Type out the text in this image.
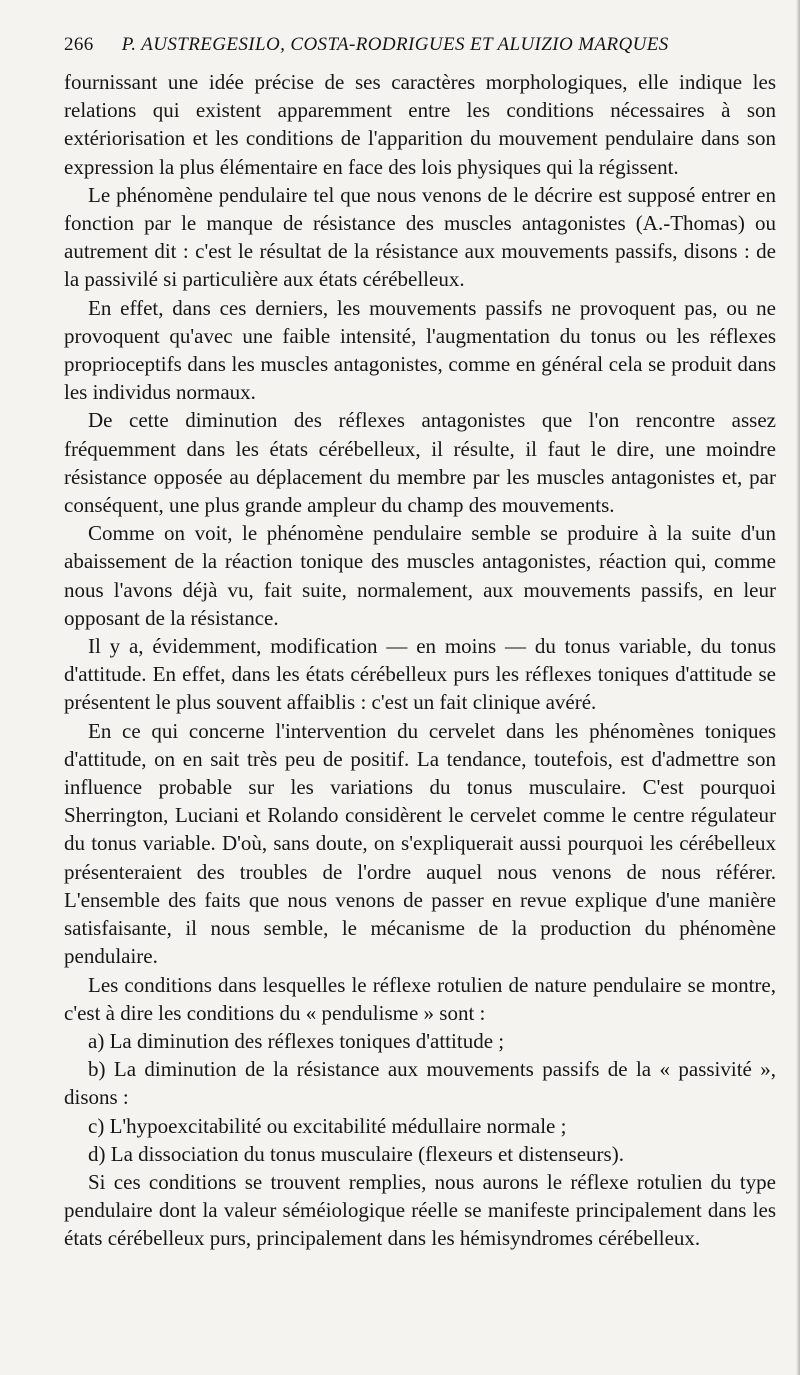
266 P. AUSTREGESILO, COSTA-RODRIGUES ET ALUIZIO MARQUES

fournissant une idée précise de ses caractères morphologiques, elle indique les relations qui existent apparemment entre les conditions nécessaires à son extériorisation et les conditions de l'apparition du mouvement pendulaire dans son expression la plus élémentaire en face des lois physiques qui la régissent.

Le phénomène pendulaire tel que nous venons de le décrire est supposé entrer en fonction par le manque de résistance des muscles antagonistes (A.-Thomas) ou autrement dit : c'est le résultat de la résistance aux mouvements passifs, disons : de la passivilé si particulière aux états cérébelleux.

En effet, dans ces derniers, les mouvements passifs ne provoquent pas, ou ne provoquent qu'avec une faible intensité, l'augmentation du tonus ou les réflexes proprioceptifs dans les muscles antagonistes, comme en général cela se produit dans les individus normaux.

De cette diminution des réflexes antagonistes que l'on rencontre assez fréquemment dans les états cérébelleux, il résulte, il faut le dire, une moindre résistance opposée au déplacement du membre par les muscles antagonistes et, par conséquent, une plus grande ampleur du champ des mouvements.

Comme on voit, le phénomène pendulaire semble se produire à la suite d'un abaissement de la réaction tonique des muscles antagonistes, réaction qui, comme nous l'avons déjà vu, fait suite, normalement, aux mouvements passifs, en leur opposant de la résistance.

Il y a, évidemment, modification — en moins — du tonus variable, du tonus d'attitude. En effet, dans les états cérébelleux purs les réflexes toniques d'attitude se présentent le plus souvent affaiblis : c'est un fait clinique avéré.

En ce qui concerne l'intervention du cervelet dans les phénomènes toniques d'attitude, on en sait très peu de positif. La tendance, toutefois, est d'admettre son influence probable sur les variations du tonus musculaire. C'est pourquoi Sherrington, Luciani et Rolando considèrent le cervelet comme le centre régulateur du tonus variable. D'où, sans doute, on s'expliquerait aussi pourquoi les cérébelleux présenteraient des troubles de l'ordre auquel nous venons de nous référer. L'ensemble des faits que nous venons de passer en revue explique d'une manière satisfaisante, il nous semble, le mécanisme de la production du phénomène pendulaire.

Les conditions dans lesquelles le réflexe rotulien de nature pendulaire se montre, c'est à dire les conditions du « pendulisme » sont :

a) La diminution des réflexes toniques d'attitude ;

b) La diminution de la résistance aux mouvements passifs de la « passivité », disons :

c) L'hypoexcitabilité ou excitabilité médullaire normale ;

d) La dissociation du tonus musculaire (flexeurs et distenseurs).

Si ces conditions se trouvent remplies, nous aurons le réflexe rotulien du type pendulaire dont la valeur séméiologique réelle se manifeste principalement dans les états cérébelleux purs, principalement dans les hémisyndromes cérébelleux.
